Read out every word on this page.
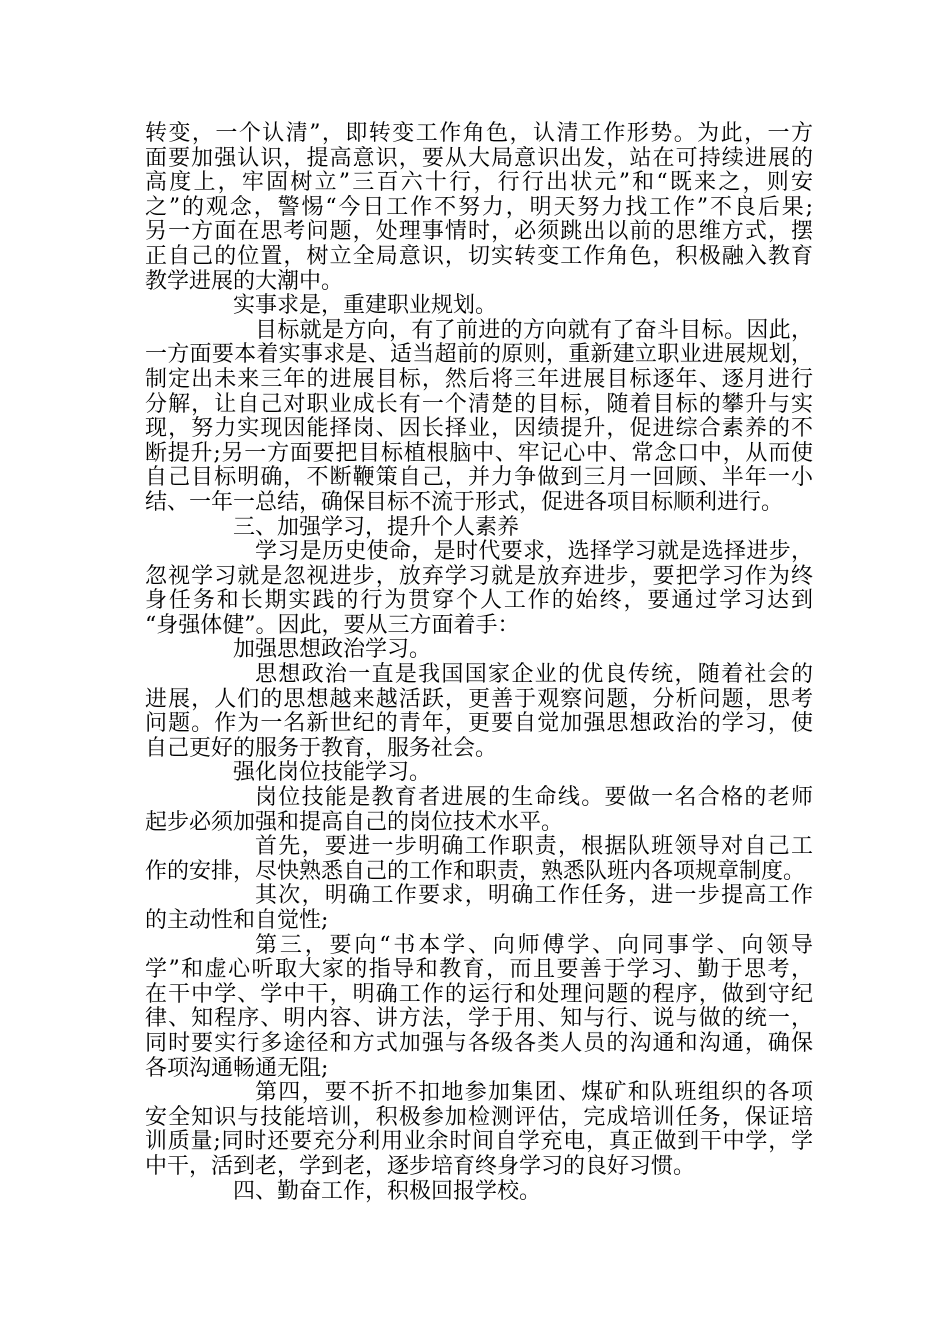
转变，一个认清”，即转变工作角色，认清工作形势。为此，一方
面要加强认识，提高意识，要从大局意识出发，站在可持续进展的
高度上，牢固树立”三百六十行，行行出状元”和“既来之，则安
之”的观念，警惕“今日工作不努力，明天努力找工作”不良后果;
另一方面在思考问题，处理事情时，必须跳出以前的思维方式，摆
正自己的位置，树立全局意识，切实转变工作角色，积极融入教育
教学进展的大潮中。
实事求是，重建职业规划。
目标就是方向，有了前进的方向就有了奋斗目标。因此，
一方面要本着实事求是、适当超前的原则，重新建立职业进展规划，
制定出未来三年的进展目标，然后将三年进展目标逐年、逐月进行
分解，让自己对职业成长有一个清楚的目标，随着目标的攀升与实
现，努力实现因能择岗、因长择业，因绩提升，促进综合素养的不
断提升;另一方面要把目标植根脑中、牢记心中、常念口中，从而使
自己目标明确，不断鞭策自己，并力争做到三月一回顾、半年一小
结、一年一总结，确保目标不流于形式，促进各项目标顺利进行。
三、加强学习，提升个人素养
学习是历史使命，是时代要求，选择学习就是选择进步，
忽视学习就是忽视进步，放弃学习就是放弃进步，要把学习作为终
身任务和长期实践的行为贯穿个人工作的始终，要通过学习达到
“身强体健”。因此，要从三方面着手：
加强思想政治学习。
思想政治一直是我国国家企业的优良传统，随着社会的
进展，人们的思想越来越活跃，更善于观察问题，分析问题，思考
问题。作为一名新世纪的青年，更要自觉加强思想政治的学习，使
自己更好的服务于教育，服务社会。
强化岗位技能学习。
岗位技能是教育者进展的生命线。要做一名合格的老师
起步必须加强和提高自己的岗位技术水平。
首先，要进一步明确工作职责，根据队班领导对自己工
作的安排，尽快熟悉自己的工作和职责，熟悉队班内各项规章制度。
其次，明确工作要求，明确工作任务，进一步提高工作
的主动性和自觉性;
第三，要向“书本学、向师傅学、向同事学、向领导
学”和虚心听取大家的指导和教育，而且要善于学习、勤于思考，
在干中学、学中干，明确工作的运行和处理问题的程序，做到守纪
律、知程序、明内容、讲方法，学于用、知与行、说与做的统一，
同时要实行多途径和方式加强与各级各类人员的沟通和沟通，确保
各项沟通畅通无阻;
第四，要不折不扣地参加集团、煤矿和队班组织的各项
安全知识与技能培训，积极参加检测评估，完成培训任务，保证培
训质量;同时还要充分利用业余时间自学充电，真正做到干中学，学
中干，活到老，学到老，逐步培育终身学习的良好习惯。
四、勤奋工作，积极回报学校。
